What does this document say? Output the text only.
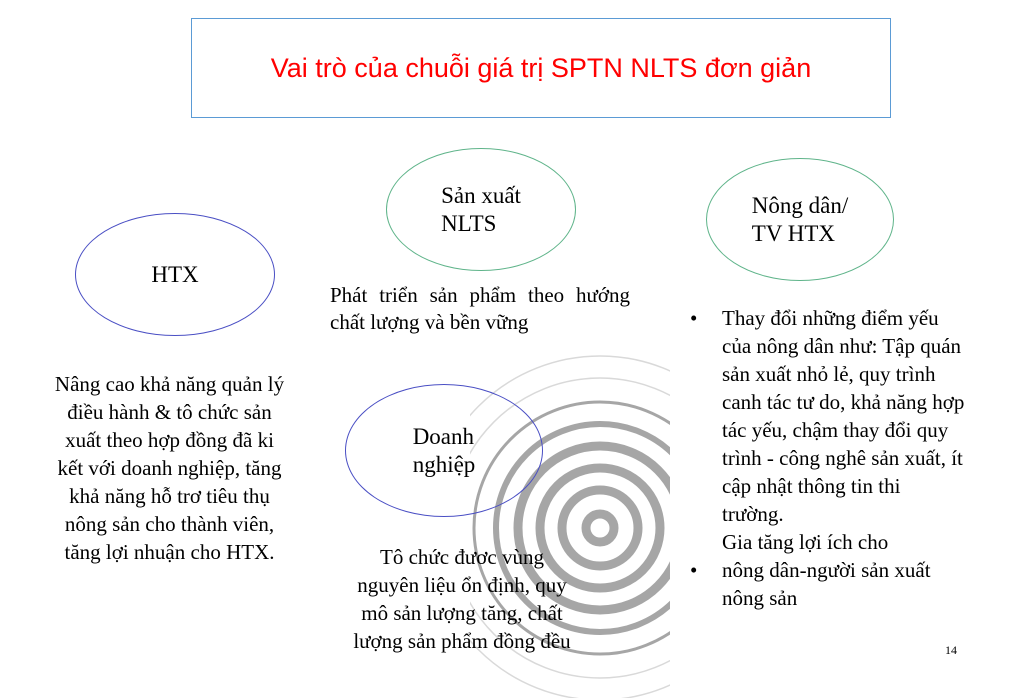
Vai trò của chuỗi giá trị SPTN NLTS đơn giản
HTX
Sản xuất
NLTS
Nông dân/
TV HTX
Doanh
nghiệp
Nâng cao khả năng quản lý điều hành & tô chức sản xuất theo hợp đồng đã ki kết với doanh nghiệp, tăng khả năng hỗ trơ tiêu thụ nông sản cho thành viên, tăng lợi nhuận cho HTX.
Phát triển sản phẩm theo hướng chất lượng và bền vững
Tô chức đươc vùng nguyên liệu ổn định, quy mô sản lượng tăng, chất lượng sản phẩm đồng đều
• Thay đổi những điểm yếu của nông dân như: Tập quán sản xuất nhỏ lẻ, quy trình canh tác tư do, khả năng hợp tác yếu, chậm thay đổi quy trình - công nghê sản xuất, ít cập nhật thông tin thi trường.
Gia tăng lợi ích cho
• nông dân-người sản xuất nông sản
14
